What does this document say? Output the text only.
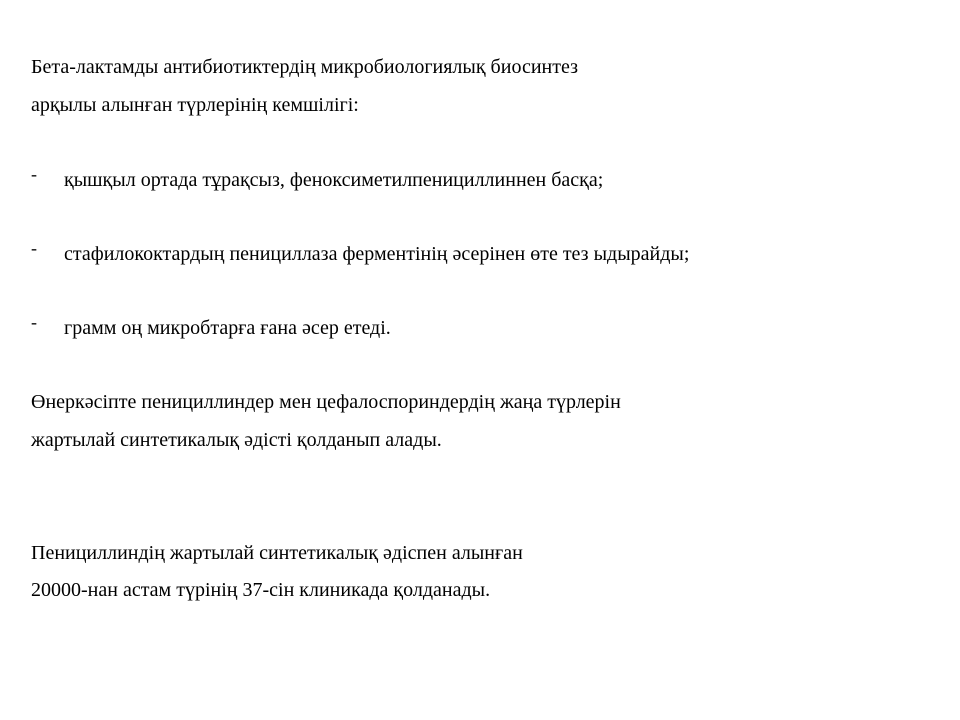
Бета-лактамды антибиотиктердің микробиологиялық биосинтез
арқылы алынған түрлерінің кемшілігі:
- қышқыл ортада тұрақсыз, феноксиметилпенициллиннен басқа;
- стафилококтардың пенициллаза ферментінің әсерінен өте тез ыдырайды;
- грамм оң микробтарға ғана әсер етеді.
Өнеркәсіпте пенициллиндер мен цефалоспориндердің жаңа түрлерін
жартылай синтетикалық әдісті қолданып алады.
Пенициллиндің жартылай синтетикалық әдіспен алынған
20000-нан астам түрінің 37-сін клиникада қолданады.
